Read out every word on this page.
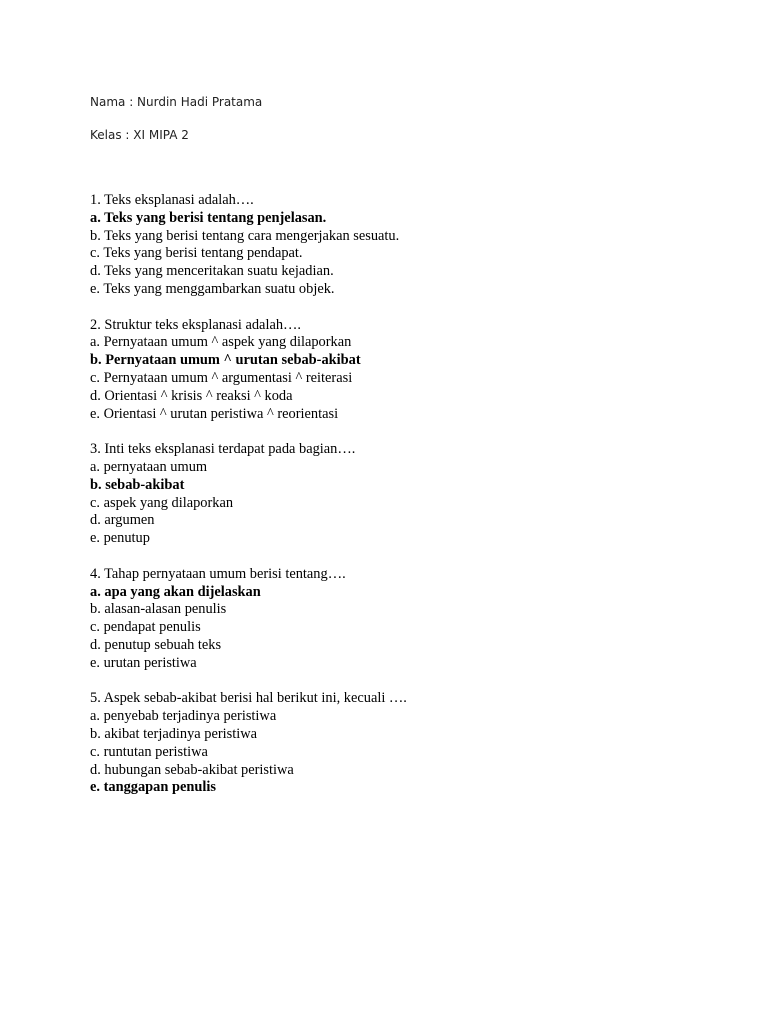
Nama : Nurdin Hadi Pratama
Kelas : XI MIPA 2
1. Teks eksplanasi adalah….
a. Teks yang berisi tentang penjelasan.
b. Teks yang berisi tentang cara mengerjakan sesuatu.
c. Teks yang berisi tentang pendapat.
d. Teks yang menceritakan suatu kejadian.
e. Teks yang menggambarkan suatu objek.
2. Struktur teks eksplanasi adalah….
a. Pernyataan umum ^ aspek yang dilaporkan
b. Pernyataan umum ^ urutan sebab-akibat
c. Pernyataan umum ^ argumentasi ^ reiterasi
d. Orientasi ^ krisis ^ reaksi ^ koda
e. Orientasi ^ urutan peristiwa ^ reorientasi
3. Inti teks eksplanasi terdapat pada bagian….
a. pernyataan umum
b. sebab-akibat
c. aspek yang dilaporkan
d. argumen
e. penutup
4. Tahap pernyataan umum berisi tentang….
a. apa yang akan dijelaskan
b. alasan-alasan penulis
c. pendapat penulis
d. penutup sebuah teks
e. urutan peristiwa
5. Aspek sebab-akibat berisi hal berikut ini, kecuali ….
a. penyebab terjadinya peristiwa
b. akibat terjadinya peristiwa
c. runtutan peristiwa
d. hubungan sebab-akibat peristiwa
e. tanggapan penulis
